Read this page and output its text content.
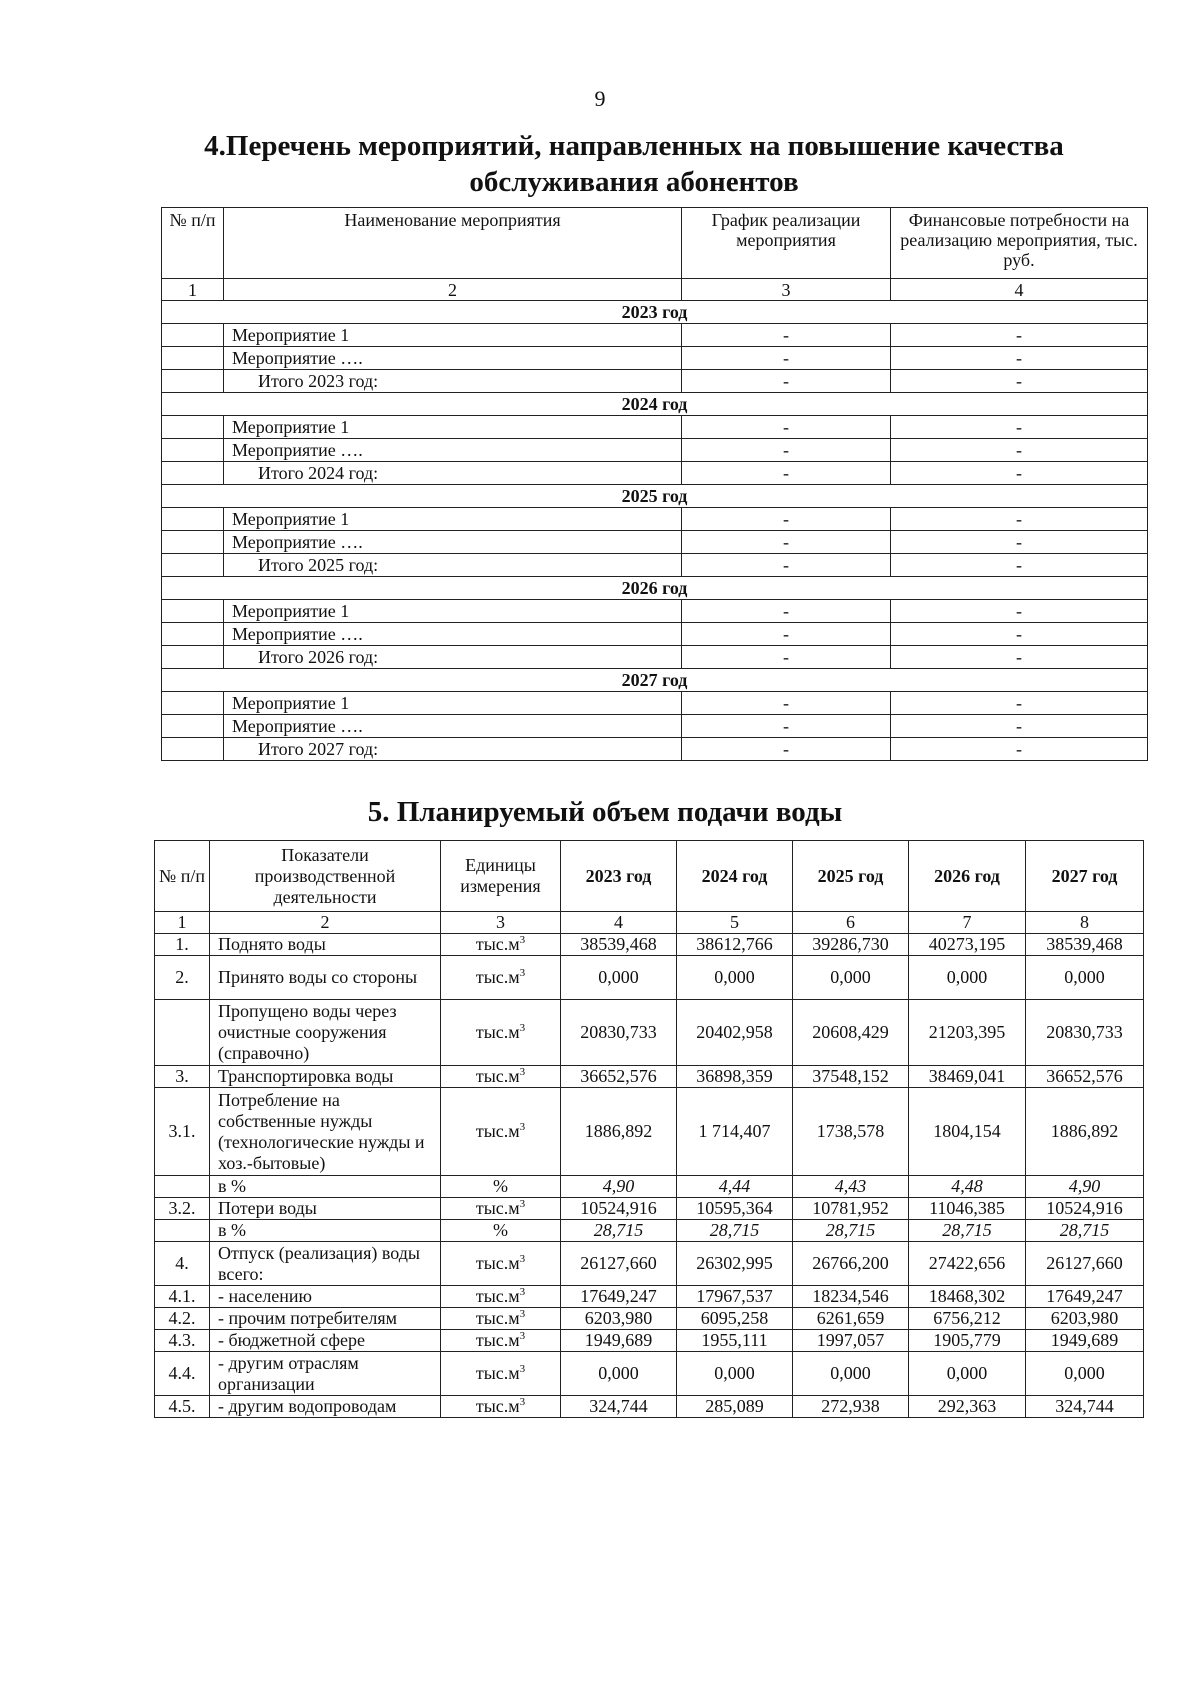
9
4.Перечень мероприятий, направленных на повышение качества
обслуживания абонентов
№ п/п	Наименование мероприятия	График реализации мероприятия	Финансовые потребности на реализацию мероприятия, тыс. руб.
1	2	3	4
2023 год			
	Мероприятие 1	-	-
	Мероприятие ….	-	-
	Итого 2023 год:	-	-
2024 год			
	Мероприятие 1	-	-
	Мероприятие ….	-	-
	Итого 2024 год:	-	-
2025 год			
	Мероприятие 1	-	-
	Мероприятие ….	-	-
	Итого 2025 год:	-	-
2026 год			
	Мероприятие 1	-	-
	Мероприятие ….	-	-
	Итого 2026 год:	-	-
2027 год			
	Мероприятие 1	-	-
	Мероприятие ….	-	-
	Итого 2027 год:	-	-
5. Планируемый объем подачи воды
№ п/п	Показатели производственной деятельности	Единицы измерения	2023 год	2024 год	2025 год	2026 год	2027 год
1	2	3	4	5	6	7	8
1.	Поднято воды	$тыс.м^3$	38539,468	38612,766	39286,730	40273,195	38539,468
2.	Принято воды со стороны	$тыс.м^3$	0,000	0,000	0,000	0,000	0,000
	Пропущено воды через очистные сооружения (справочно)	$тыс.м^3$	20830,733	20402,958	20608,429	21203,395	20830,733
3.	Транспортировка воды	$тыс.м^3$	36652,576	36898,359	37548,152	38469,041	36652,576
3.1.	Потребление на собственные нужды (технологические нужды и хоз.-бытовые)	$тыс.м^3$	1886,892	1 714,407	1738,578	1804,154	1886,892
	в %	%	4,90	4,44	4,43	4,48	4,90
3.2.	Потери воды	$тыс.м^3$	10524,916	10595,364	10781,952	11046,385	10524,916
	в %	%	28,715	28,715	28,715	28,715	28,715
4.	Отпуск (реализация) воды всего:	$тыс.м^3$	26127,660	26302,995	26766,200	27422,656	26127,660
4.1.	- населению	$тыс.м^3$	17649,247	17967,537	18234,546	18468,302	17649,247
4.2.	- прочим потребителям	$тыс.м^3$	6203,980	6095,258	6261,659	6756,212	6203,980
4.3.	- бюджетной сфере	$тыс.м^3$	1949,689	1955,111	1997,057	1905,779	1949,689
4.4.	- другим отраслям организации	$тыс.м^3$	0,000	0,000	0,000	0,000	0,000
4.5.	- другим водопроводам	$тыс.м^3$	324,744	285,089	272,938	292,363	324,744
